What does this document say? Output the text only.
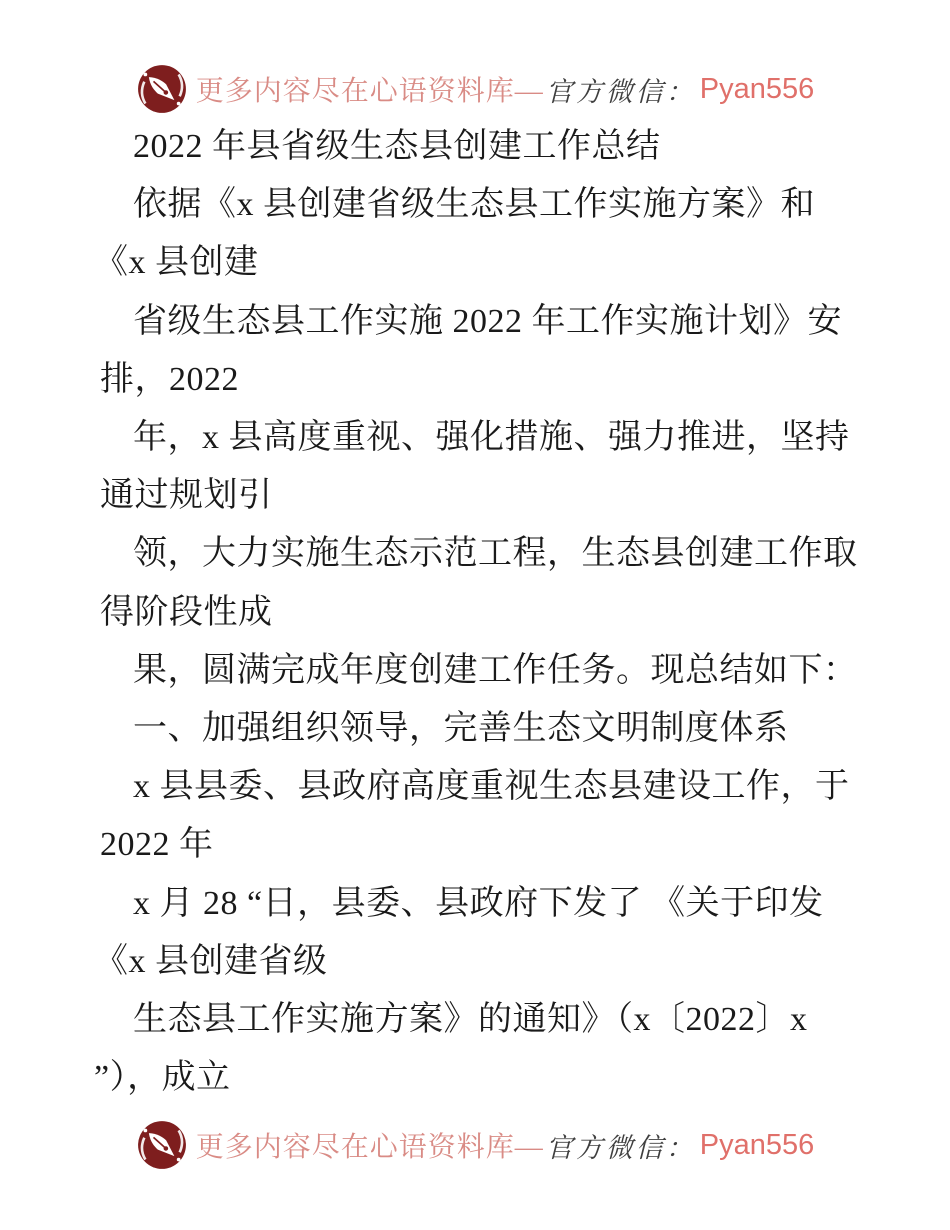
更多内容尽在心语资料库— 官方微信： Pyan556
2022 年县省级生态县创建工作总结
依据《x 县创建省级生态县工作实施方案》和
《x 县创建
省级生态县工作实施 2022 年工作实施计划》安
排，2022
年，x 县高度重视、强化措施、强力推进，坚持
通过规划引
领，大力实施生态示范工程，生态县创建工作取
得阶段性成
果，圆满完成年度创建工作任务。现总结如下：
一、加强组织领导，完善生态文明制度体系
x 县县委、县政府高度重视生态县建设工作，于
2022 年
x 月 28 “日，县委、县政府下发了 《关于印发
《x 县创建省级
生态县工作实施方案》的通知》（x〔2022〕x
”），成立
更多内容尽在心语资料库— 官方微信： Pyan556
